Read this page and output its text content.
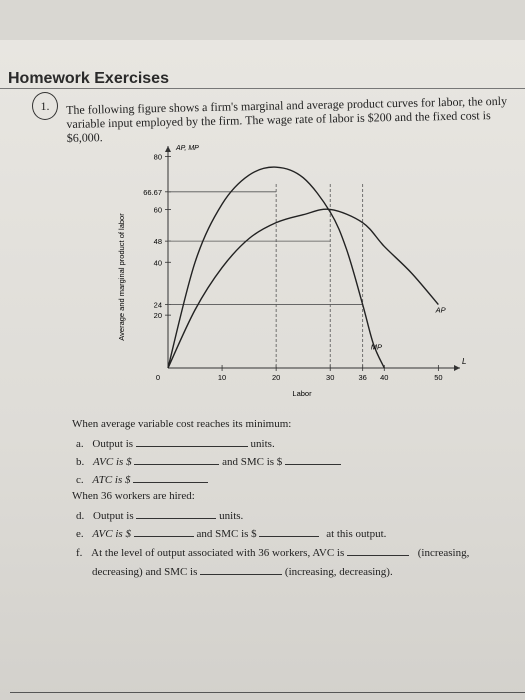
Homework Exercises
1.	The following figure shows a firm's marginal and average product curves for labor, the only variable input employed by the firm. The wage rate of labor is $200 and the fixed cost is $6,000.
AP, MP
L
80
66.67
60
48
40
24
20
0	10	20	30	36 40	50
Labor
Average and marginal product of labor
MP
AP
When average variable cost reaches its minimum:
a. Output is	units.
b. AVC is $	and SMC is $
c. ATC is $
When 36 workers are hired:
d. Output is	units.
e. AVC is $	and SMC is $	at this output.
f. At the level of output associated with 36 workers, AVC is	(increasing,
decreasing) and SMC is	(increasing, decreasing).
